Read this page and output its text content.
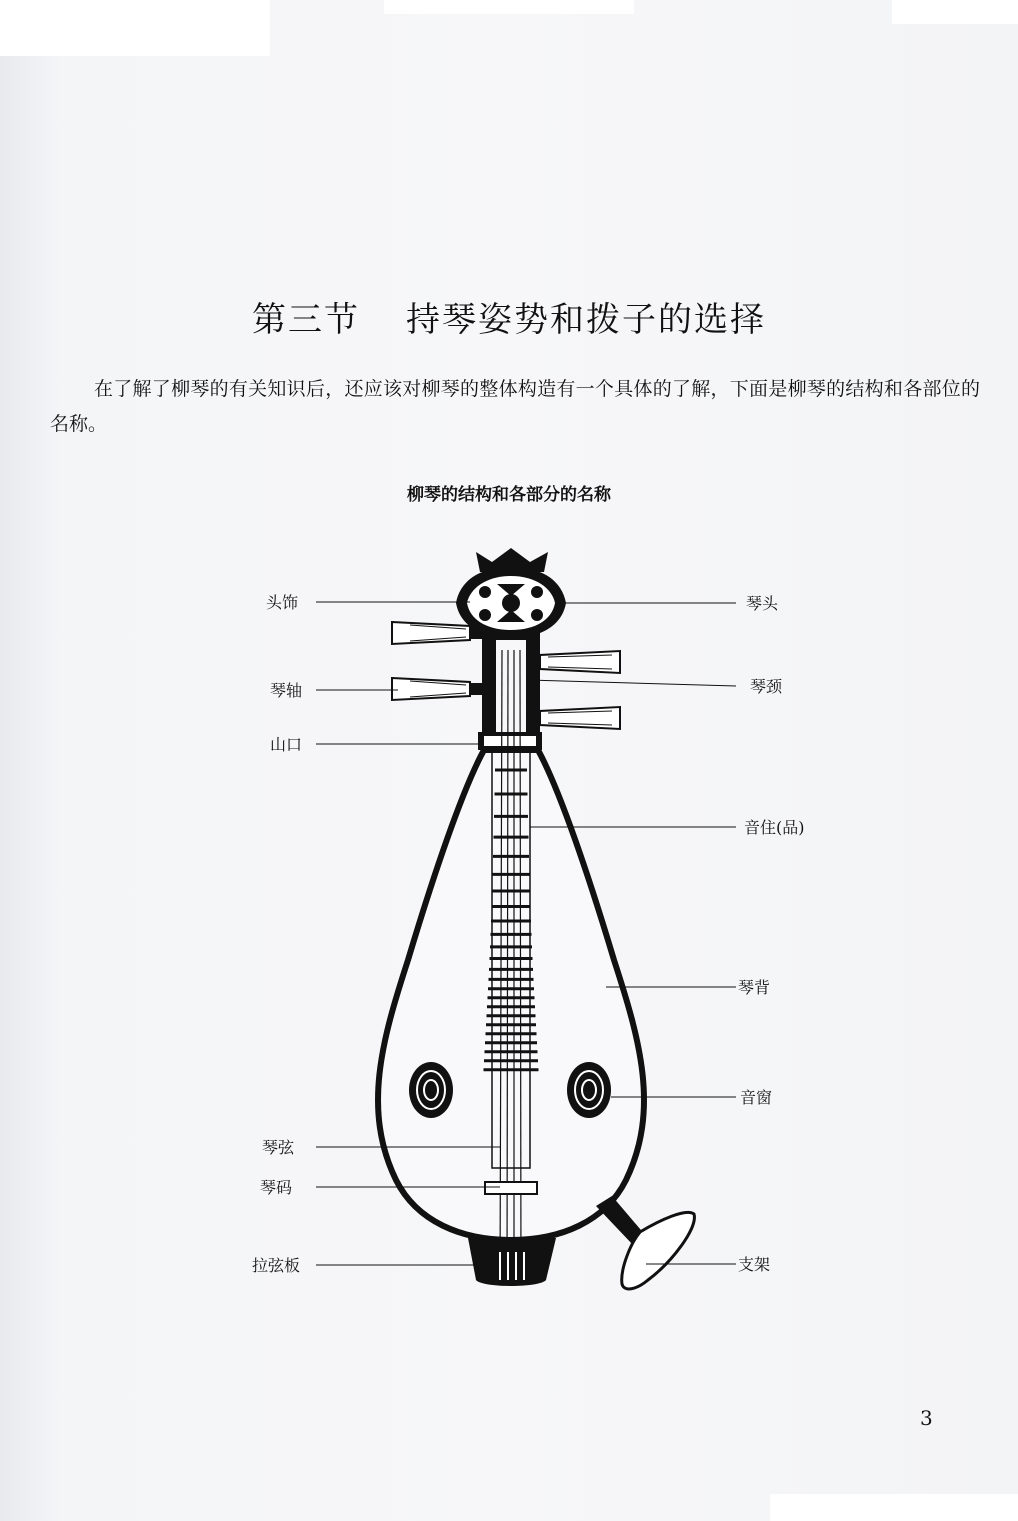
第三节 持琴姿势和拨子的选择
在了解了柳琴的有关知识后，还应该对柳琴的整体构造有一个具体的了解，下面是柳琴的结构和各部位的名称。
柳琴的结构和各部分的名称
头饰
琴轴
山口
琴弦
琴码
拉弦板
琴头
琴颈
音住(品)
琴背
音窗
支架
3
